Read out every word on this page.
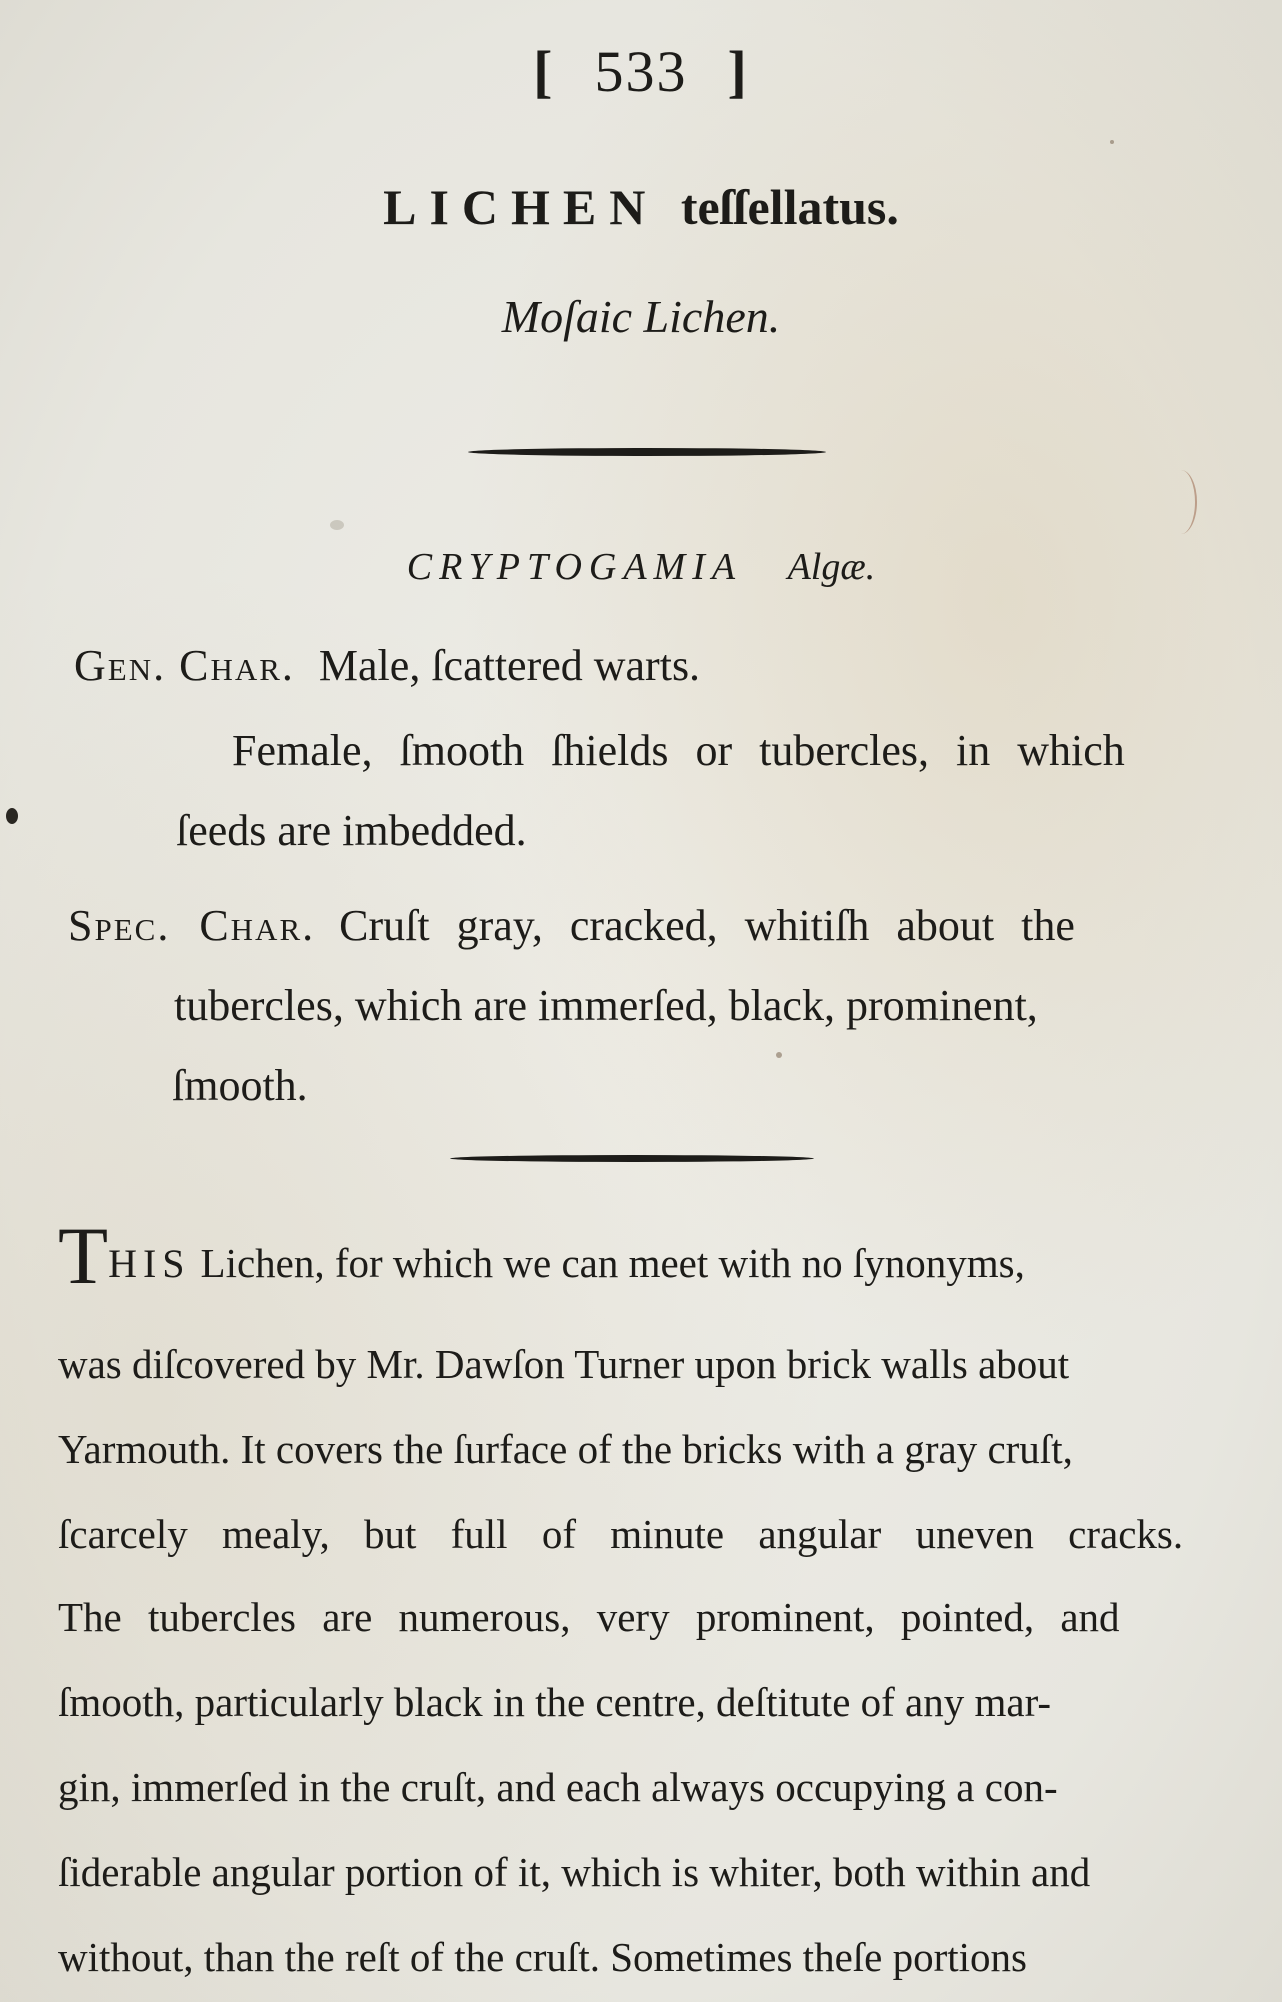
[ 533 ]
LICHEN teſſellatus.
Moſaic Lichen.
CRYPTOGAMIA Algæ.
Gen. Char. Male, ſcattered warts.
Female, ſmooth ſhields or tubercles, in which
ſeeds are imbedded.
Spec. Char. Cruſt gray, cracked, whitiſh about the
tubercles, which are immerſed, black, prominent,
ſmooth.
THIS Lichen, for which we can meet with no ſynonyms,
was diſcovered by Mr. Dawſon Turner upon brick walls about
Yarmouth. It covers the ſurface of the bricks with a gray cruſt,
ſcarcely mealy, but full of minute angular uneven cracks.
The tubercles are numerous, very prominent, pointed, and
ſmooth, particularly black in the centre, deſtitute of any mar-
gin, immerſed in the cruſt, and each always occupying a con-
ſiderable angular portion of it, which is whiter, both within and
without, than the reſt of the cruſt. Sometimes theſe portions
